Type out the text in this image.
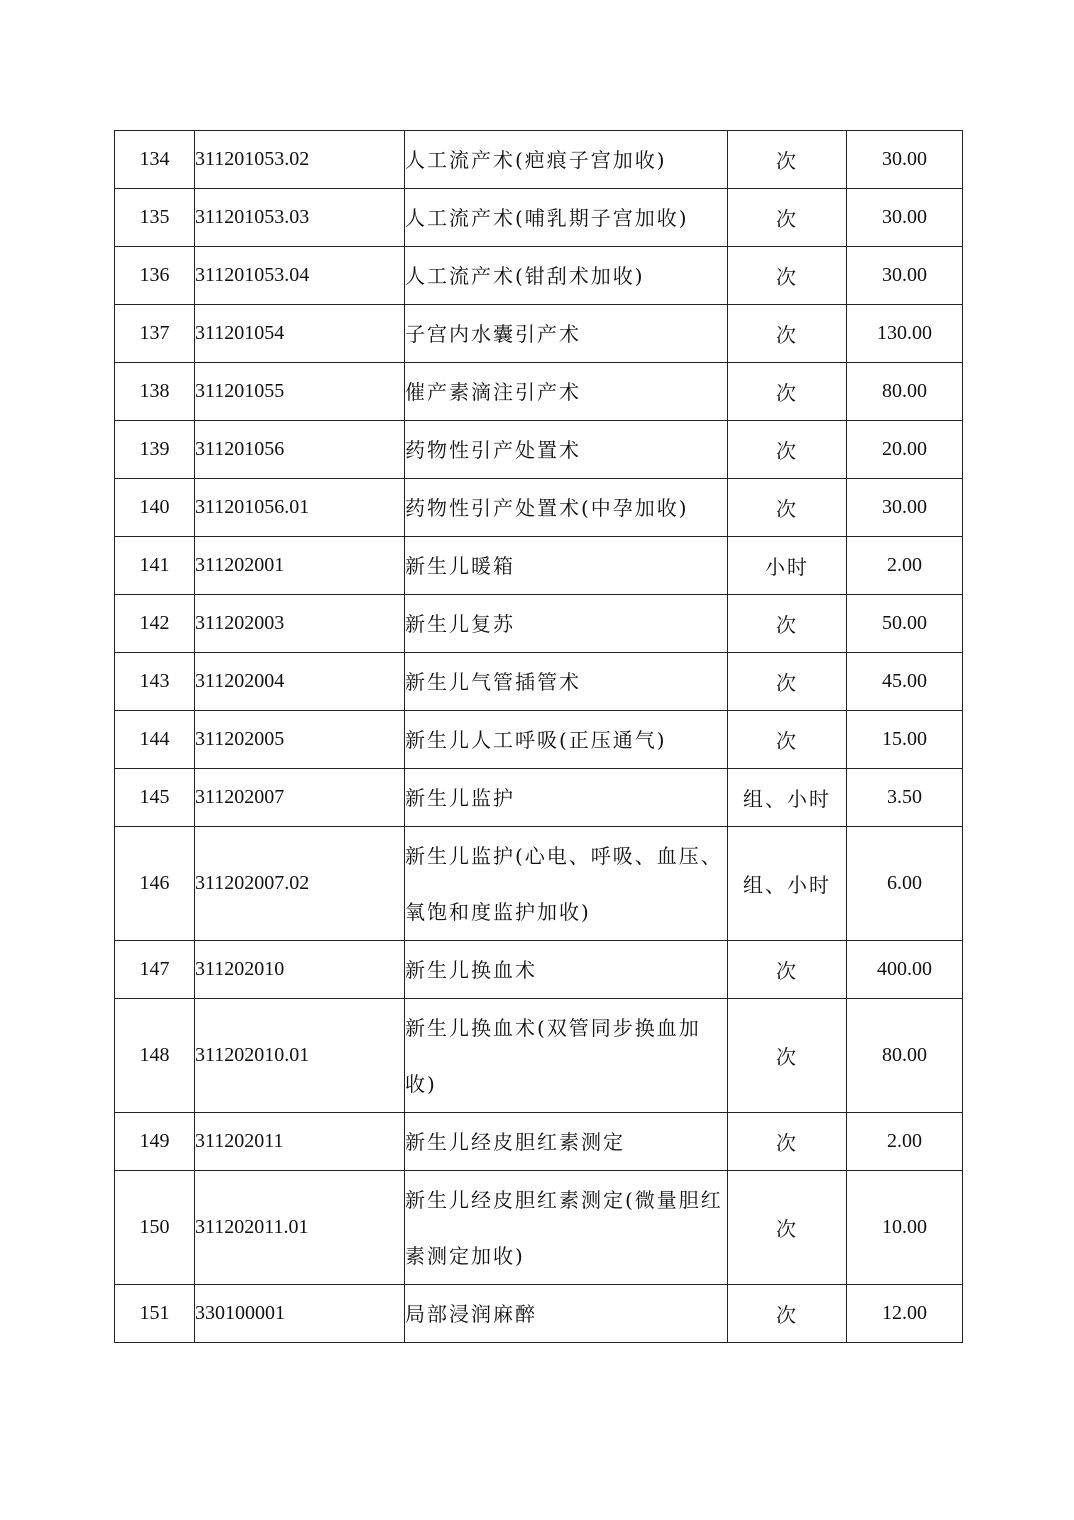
134	311201053.02	人工流产术(疤痕子宫加收)	次	30.00
135	311201053.03	人工流产术(哺乳期子宫加收)	次	30.00
136	311201053.04	人工流产术(钳刮术加收)	次	30.00
137	311201054	子宫内水囊引产术	次	130.00
138	311201055	催产素滴注引产术	次	80.00
139	311201056	药物性引产处置术	次	20.00
140	311201056.01	药物性引产处置术(中孕加收)	次	30.00
141	311202001	新生儿暖箱	小时	2.00
142	311202003	新生儿复苏	次	50.00
143	311202004	新生儿气管插管术	次	45.00
144	311202005	新生儿人工呼吸(正压通气)	次	15.00
145	311202007	新生儿监护	组、小时	3.50
146	311202007.02	新生儿监护(心电、呼吸、血压、氧饱和度监护加收)	组、小时	6.00
147	311202010	新生儿换血术	次	400.00
148	311202010.01	新生儿换血术(双管同步换血加收)	次	80.00
149	311202011	新生儿经皮胆红素测定	次	2.00
150	311202011.01	新生儿经皮胆红素测定(微量胆红素测定加收)	次	10.00
151	330100001	局部浸润麻醉	次	12.00
